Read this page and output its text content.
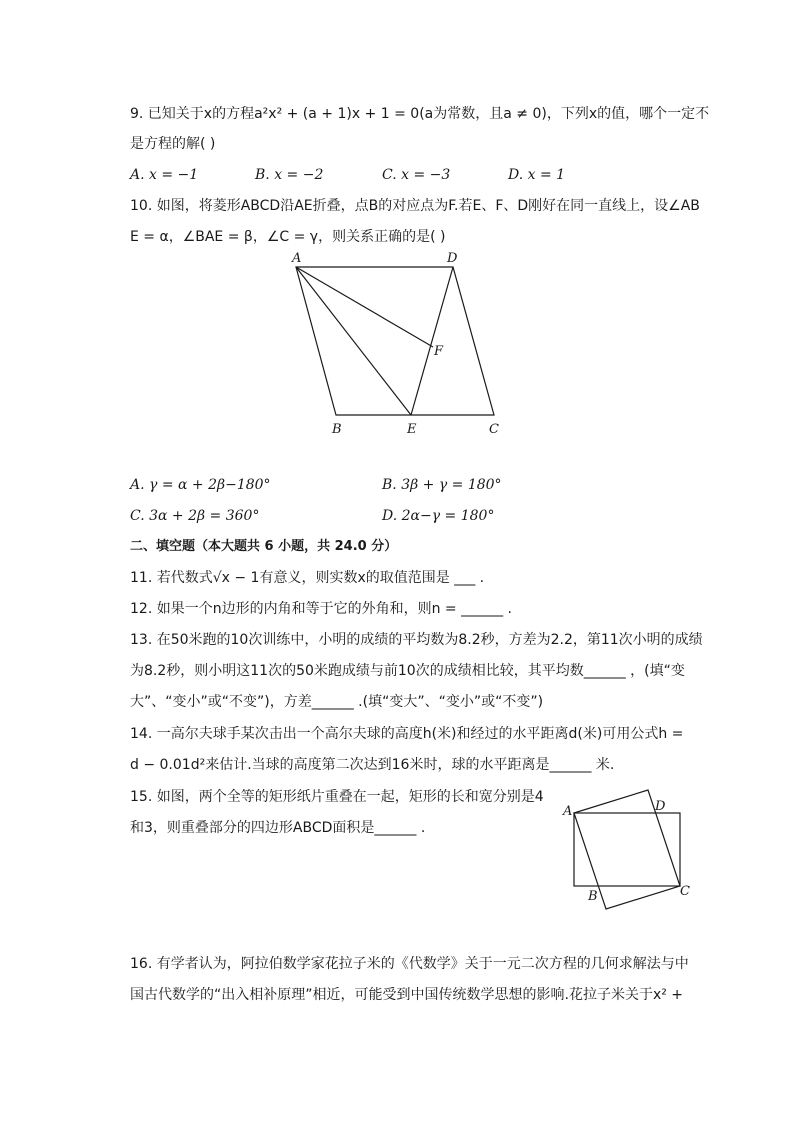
9. 已知关于x的方程a²x² + (a + 1)x + 1 = 0(a为常数，且a ≠ 0)，下列x的值，哪个一定不
是方程的解( )
A. x = −1	B. x = −2	C. x = −3	D. x = 1
10. 如图，将菱形ABCD沿AE折叠，点B的对应点为F.若E、F、D刚好在同一直线上，设∠AB
E = α，∠BAE = β，∠C = γ，则关系正确的是( )
A	D
F
B	E	C
A. γ = α + 2β−180°	B. 3β + γ = 180°
C. 3α + 2β = 360°	D. 2α−γ = 180°
二、填空题（本大题共 6 小题，共 24.0 分）
11. 若代数式√x − 1有意义，则实数x的取值范围是 ___ .
12. 如果一个n边形的内角和等于它的外角和，则n = ______ .
13. 在50米跑的10次训练中，小明的成绩的平均数为8.2秒，方差为2.2，第11次小明的成绩
为8.2秒，则小明这11次的50米跑成绩与前10次的成绩相比较，其平均数______ ，(填“变
大”、“变小”或“不变”)，方差______ .(填“变大”、“变小”或“不变”)
14. 一高尔夫球手某次击出一个高尔夫球的高度h(米)和经过的水平距离d(米)可用公式h =
d − 0.01d²来估计.当球的高度第二次达到16米时，球的水平距离是______ 米.
15. 如图，两个全等的矩形纸片重叠在一起，矩形的长和宽分别是4
和3，则重叠部分的四边形ABCD面积是______ .
A	D
B	C
16. 有学者认为，阿拉伯数学家花拉子米的《代数学》关于一元二次方程的几何求解法与中
国古代数学的“出入相补原理”相近，可能受到中国传统数学思想的影响.花拉子米关于x² +
